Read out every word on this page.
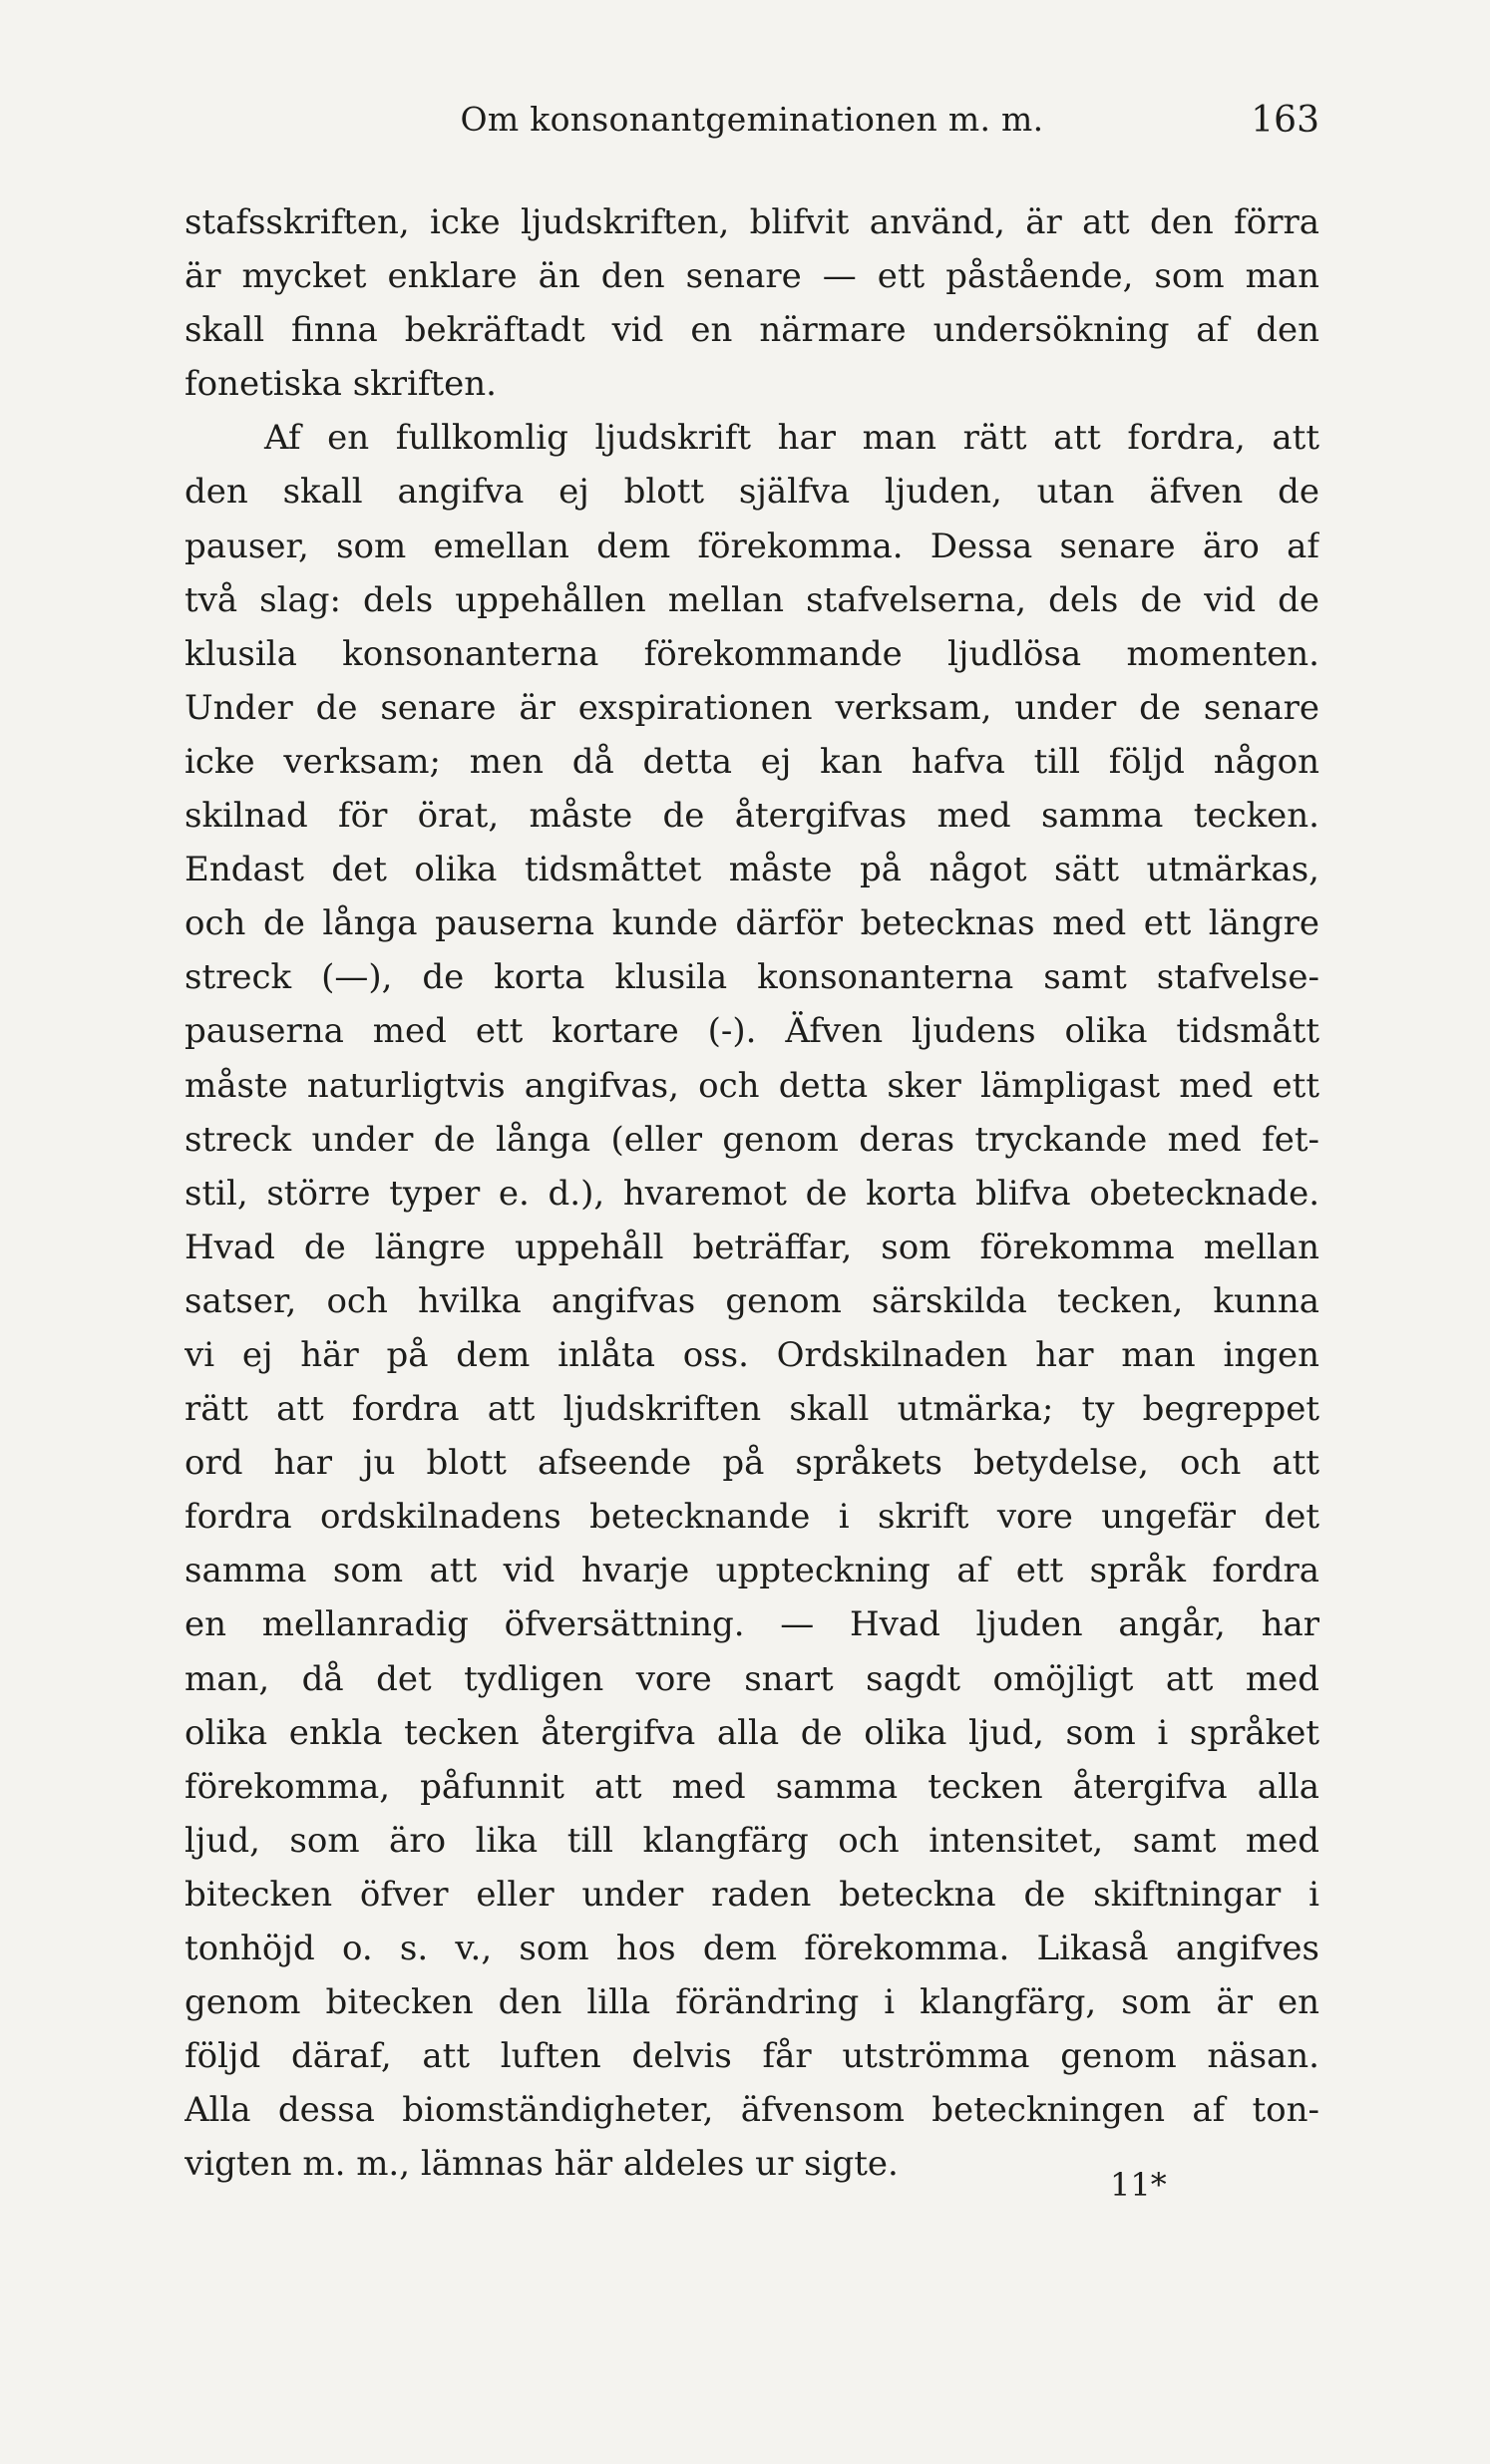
Om konsonantgeminationen m. m.	163
stafsskriften, icke ljudskriften, blifvit använd, är att den förra
är mycket enklare än den senare — ett påstående, som man
skall finna bekräftadt vid en närmare undersökning af den
fonetiska skriften.
Af en fullkomlig ljudskrift har man rätt att fordra, att
den skall angifva ej blott själfva ljuden, utan äfven de
pauser, som emellan dem förekomma. Dessa senare äro af
två slag: dels uppehållen mellan stafvelserna, dels de vid de
klusila konsonanterna förekommande ljudlösa momenten.
Under de senare är exspirationen verksam, under de senare
icke verksam; men då detta ej kan hafva till följd någon
skilnad för örat, måste de återgifvas med samma tecken.
Endast det olika tidsmåttet måste på något sätt utmärkas,
och de långa pauserna kunde därför betecknas med ett längre
streck (—), de korta klusila konsonanterna samt stafvelse-
pauserna med ett kortare (-). Äfven ljudens olika tidsmått
måste naturligtvis angifvas, och detta sker lämpligast med ett
streck under de långa (eller genom deras tryckande med fet-
stil, större typer e. d.), hvaremot de korta blifva obetecknade.
Hvad de längre uppehåll beträffar, som förekomma mellan
satser, och hvilka angifvas genom särskilda tecken, kunna
vi ej här på dem inlåta oss. Ordskilnaden har man ingen
rätt att fordra att ljudskriften skall utmärka; ty begreppet
ord har ju blott afseende på språkets betydelse, och att
fordra ordskilnadens betecknande i skrift vore ungefär det
samma som att vid hvarje uppteckning af ett språk fordra
en mellanradig öfversättning. — Hvad ljuden angår, har
man, då det tydligen vore snart sagdt omöjligt att med
olika enkla tecken återgifva alla de olika ljud, som i språket
förekomma, påfunnit att med samma tecken återgifva alla
ljud, som äro lika till klangfärg och intensitet, samt med
bitecken öfver eller under raden beteckna de skiftningar i
tonhöjd o. s. v., som hos dem förekomma. Likaså angifves
genom bitecken den lilla förändring i klangfärg, som är en
följd däraf, att luften delvis får utströmma genom näsan.
Alla dessa biomständigheter, äfvensom beteckningen af ton-
vigten m. m., lämnas här aldeles ur sigte.
11*
